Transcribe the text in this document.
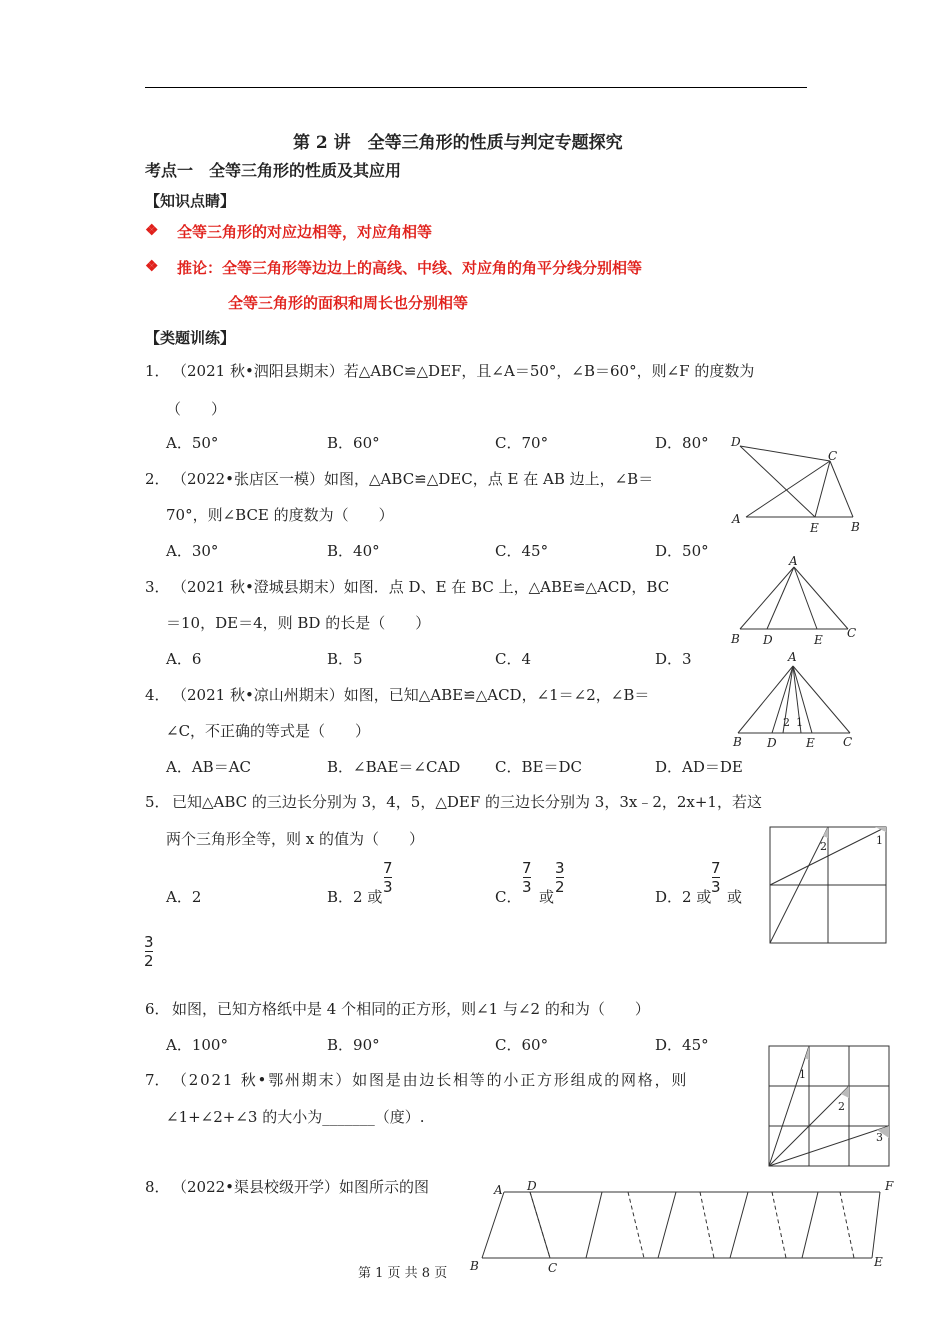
第 2 讲　全等三角形的性质与判定专题探究
考点一　全等三角形的性质及其应用
【知识点睛】
❖ 全等三角形的对应边相等，对应角相等
❖ 推论：全等三角形等边边上的高线、中线、对应角的角平分线分别相等
全等三角形的面积和周长也分别相等
【类题训练】
1． （2021 秋•泗阳县期末）若△ABC≌△DEF，且∠A＝50°，∠B＝60°，则∠F 的度数为
（　　）
A．50°	B．60°	C．70°	D．80°
2． （2022•张店区一模）如图，△ABC≌△DEC，点 E 在 AB 边上，∠B＝
70°，则∠BCE 的度数为（　　）
A．30°	B．40°	C．45°	D．50°
3． （2021 秋•澄城县期末）如图．点 D、E 在 BC 上，△ABE≌△ACD，BC
＝10，DE＝4，则 BD 的长是（　　）
A．6	B．5	C．4	D．3
4． （2021 秋•凉山州期末）如图，已知△ABE≌△ACD，∠1＝∠2，∠B＝
∠C，不正确的等式是（　　）
A．AB＝AC	B．∠BAE＝∠CAD C．BE＝DC	D．AD＝DE
5． 已知△ABC 的三边长分别为 3，4，5，△DEF 的三边长分别为 3，3x﹣2，2x+1，若这
两个三角形全等，则 x 的值为（　　）
A．2	B．2 或
7
3
C．
7
3
或
3
2
D．2 或
7
3
或
3
2
6． 如图，已知方格纸中是 4 个相同的正方形，则∠1 与∠2 的和为（　　）
A．100°	B．90°	C．60°	D．45°
7． （2021 秋•鄂州期末）如图是由边长相等的小正方形组成的网格，则
∠1+∠2+∠3 的大小为_______（度）.
8． （2022•渠县校级开学）如图所示的图
第 1 页 共 8 页
D
C
A
E	B
A
B D	E C
A
2 1
B D E C
2	1
1
2
3
A D	F
B	C	E
